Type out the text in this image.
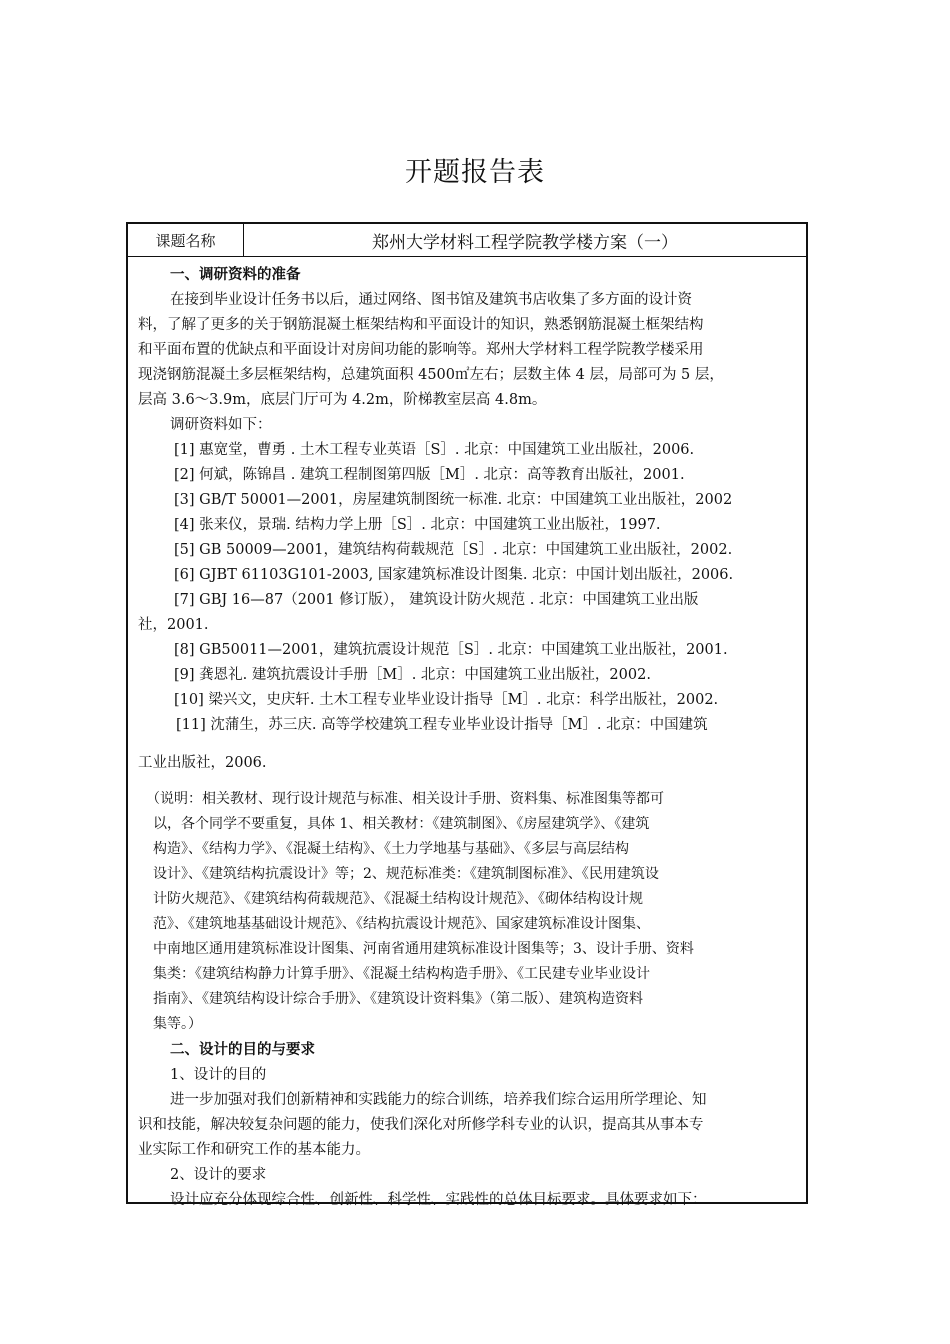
开题报告表
课题名称	郑州大学材料工程学院教学楼方案（一）
一、调研资料的准备
在接到毕业设计任务书以后，通过网络、图书馆及建筑书店收集了多方面的设计资
料，了解了更多的关于钢筋混凝土框架结构和平面设计的知识，熟悉钢筋混凝土框架结构
和平面布置的优缺点和平面设计对房间功能的影响等。郑州大学材料工程学院教学楼采用
现浇钢筋混凝土多层框架结构，总建筑面积 4500㎡左右；层数主体 4 层，局部可为 5 层，
层高 3.6～3.9m，底层门厅可为 4.2m，阶梯教室层高 4.8m。
调研资料如下：
[1] 惠宽堂，曹勇 . 土木工程专业英语［S］. 北京：中国建筑工业出版社，2006.
[2] 何斌，陈锦昌 . 建筑工程制图第四版［M］. 北京：高等教育出版社，2001.
[3] GB/T 50001—2001，房屋建筑制图统一标准. 北京：中国建筑工业出版社，2002
[4] 张来仪，景瑞. 结构力学上册［S］. 北京：中国建筑工业出版社，1997.
[5] GB 50009—2001，建筑结构荷载规范［S］. 北京：中国建筑工业出版社，2002.
[6] GJBT 61103G101-2003, 国家建筑标准设计图集. 北京：中国计划出版社，2006.
[7] GBJ 16—87（2001 修订版）， 建筑设计防火规范 . 北京：中国建筑工业出版
社，2001.
[8] GB50011—2001，建筑抗震设计规范［S］. 北京：中国建筑工业出版社，2001.
[9] 龚恩礼. 建筑抗震设计手册［M］. 北京：中国建筑工业出版社，2002.
[10] 梁兴文，史庆轩. 土木工程专业毕业设计指导［M］. 北京：科学出版社，2002.
[11] 沈蒲生，苏三庆. 高等学校建筑工程专业毕业设计指导［M］. 北京：中国建筑
工业出版社，2006.
（说明：相关教材、现行设计规范与标准、相关设计手册、资料集、标准图集等都可
以，各个同学不要重复，具体 1、相关教材：《建筑制图》、《房屋建筑学》、《建筑
构造》、《结构力学》、《混凝土结构》、《土力学地基与基础》、《多层与高层结构
设计》、《建筑结构抗震设计》等；2、规范标准类：《建筑制图标准》、《民用建筑设
计防火规范》、《建筑结构荷载规范》、《混凝土结构设计规范》、《砌体结构设计规
范》、《建筑地基基础设计规范》、《结构抗震设计规范》、国家建筑标准设计图集、
中南地区通用建筑标准设计图集、河南省通用建筑标准设计图集等；3、设计手册、资料
集类：《建筑结构静力计算手册》、《混凝土结构构造手册》、《工民建专业毕业设计
指南》、《建筑结构设计综合手册》、《建筑设计资料集》（第二版）、建筑构造资料
集等。）
二、设计的目的与要求
1、设计的目的
进一步加强对我们创新精神和实践能力的综合训练，培养我们综合运用所学理论、知
识和技能，解决较复杂问题的能力，使我们深化对所修学科专业的认识，提高其从事本专
业实际工作和研究工作的基本能力。
2、设计的要求
设计应充分体现综合性、创新性、科学性、实践性的总体目标要求。具体要求如下：
